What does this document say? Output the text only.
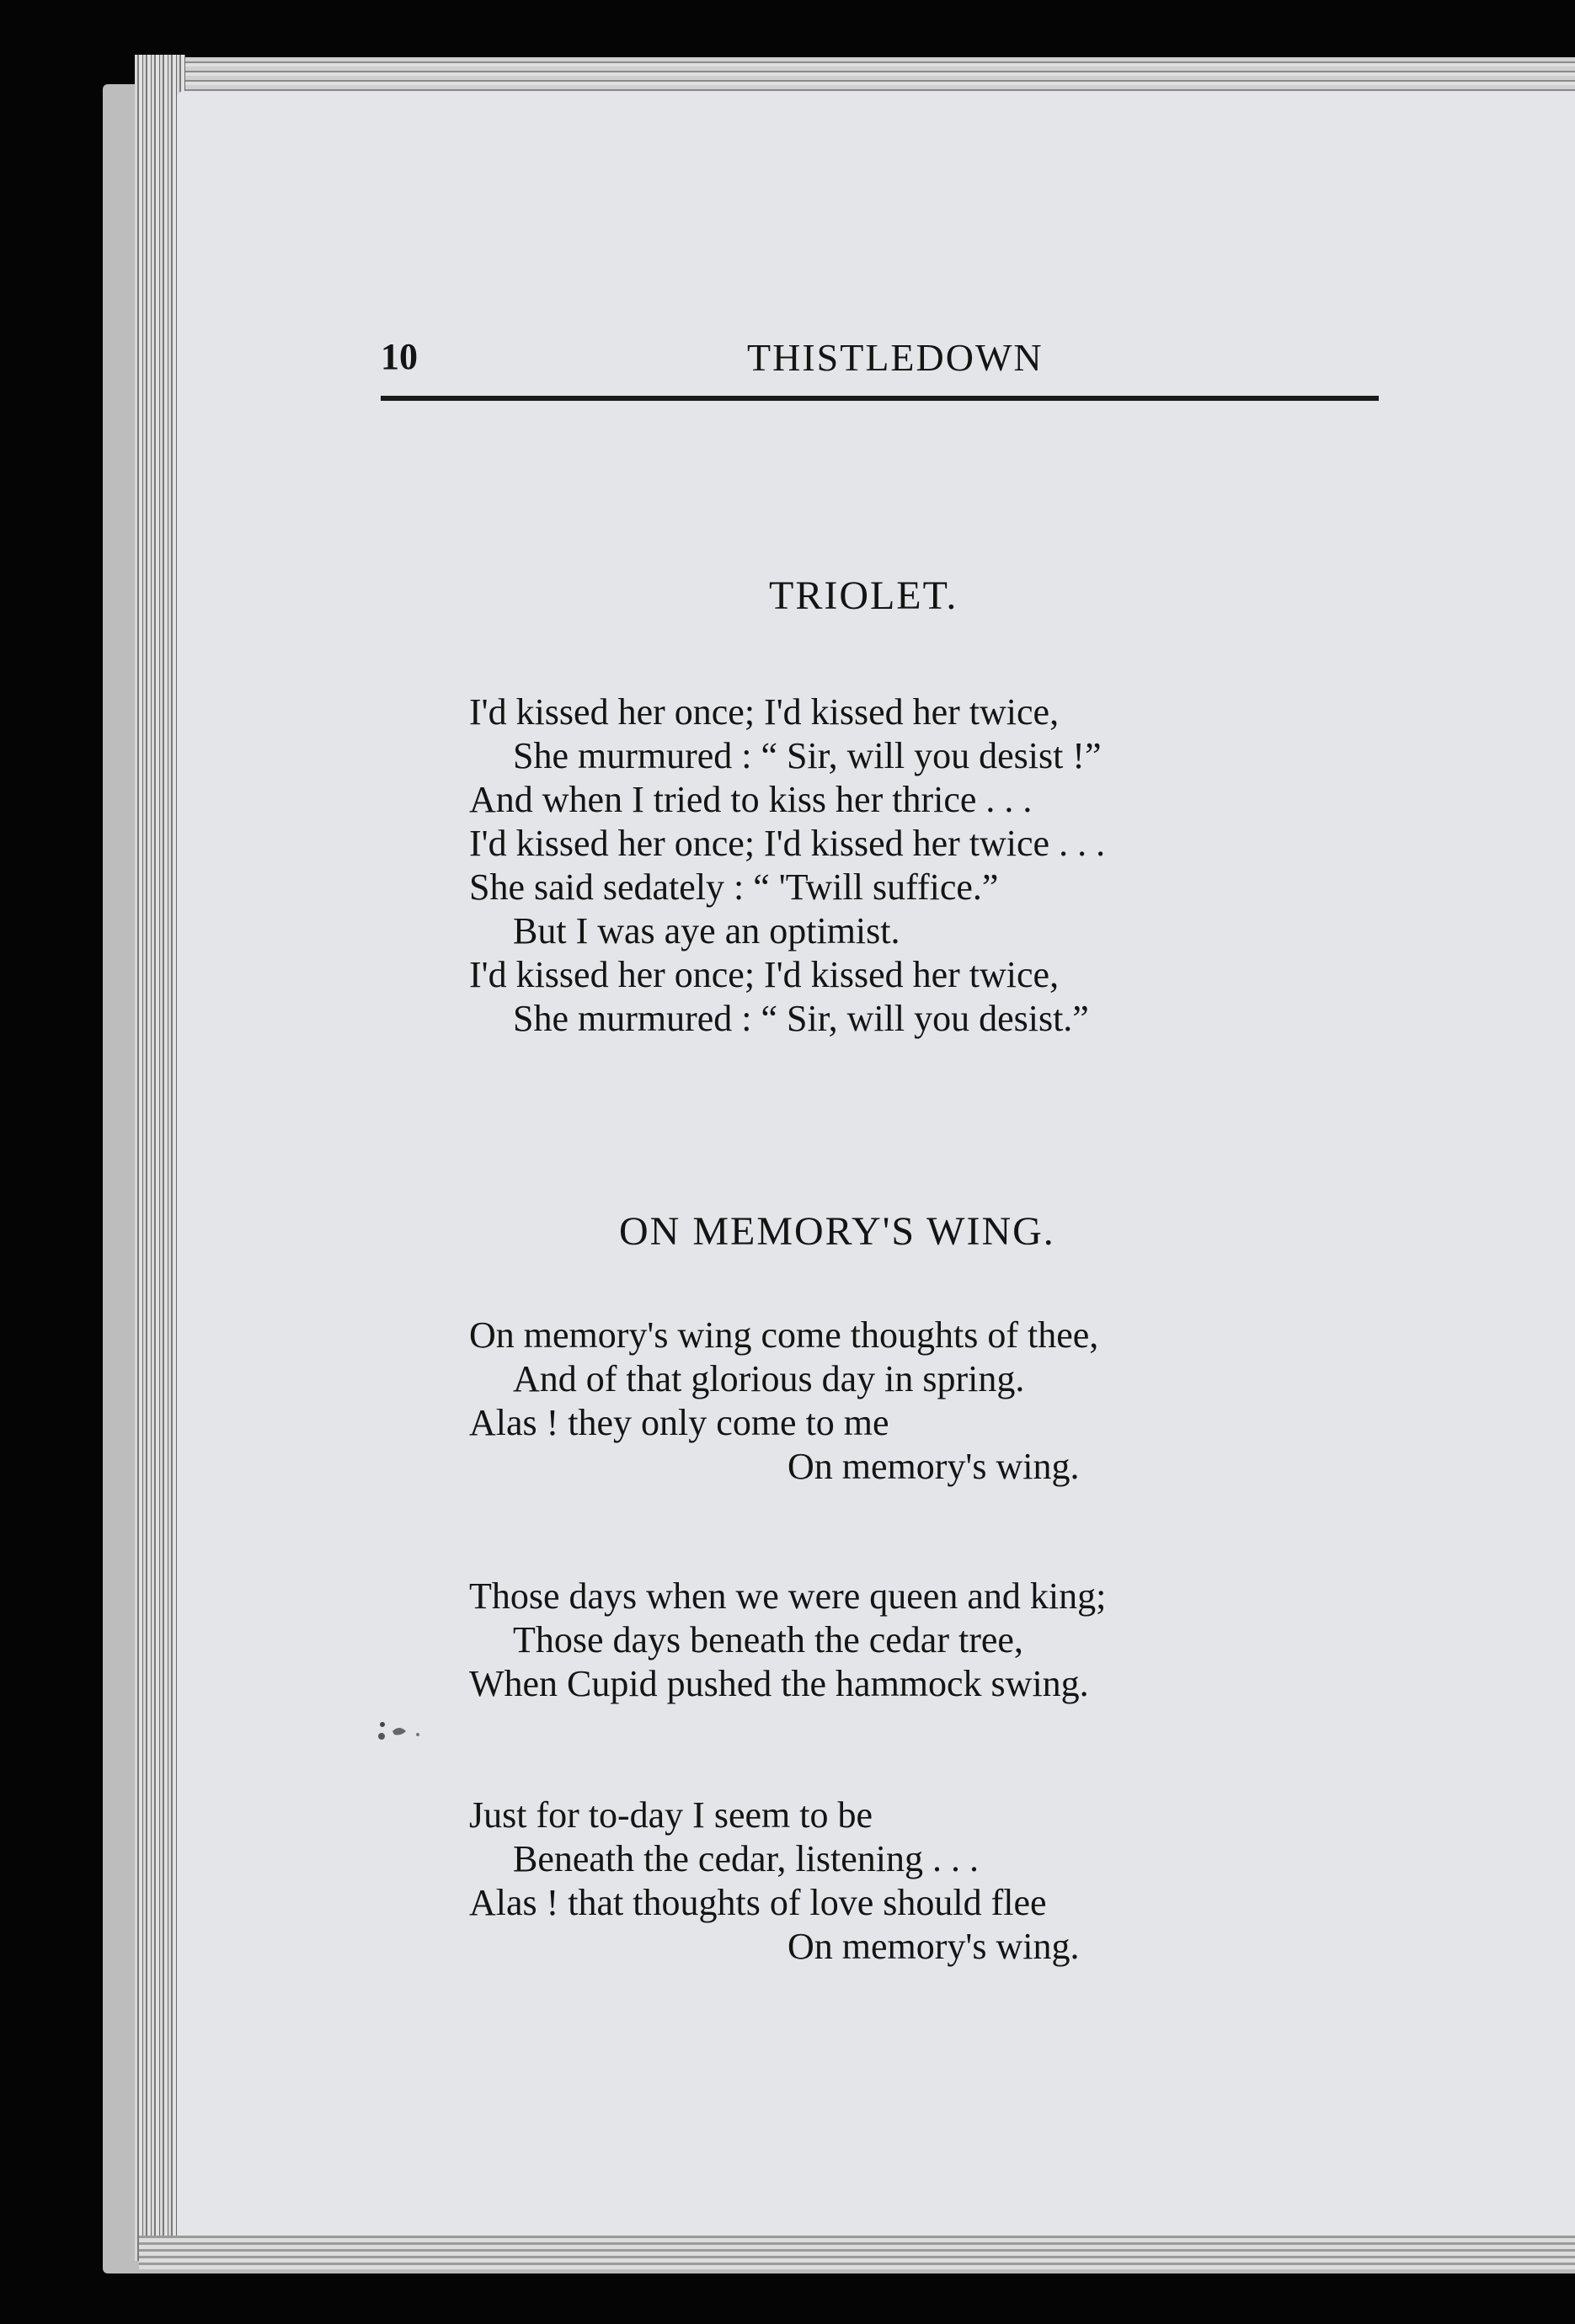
10	THISTLEDOWN
TRIOLET.
I'd kissed her once; I'd kissed her twice,
She murmured : “ Sir, will you desist !”
And when I tried to kiss her thrice . . .
I'd kissed her once; I'd kissed her twice . . .
She said sedately : “ 'Twill suffice.”
But I was aye an optimist.
I'd kissed her once; I'd kissed her twice,
She murmured : “ Sir, will you desist.”
ON MEMORY'S WING.
On memory's wing come thoughts of thee,
And of that glorious day in spring.
Alas ! they only come to me
On memory's wing.
Those days when we were queen and king;
Those days beneath the cedar tree,
When Cupid pushed the hammock swing.
Just for to-day I seem to be
Beneath the cedar, listening . . .
Alas ! that thoughts of love should flee
On memory's wing.
